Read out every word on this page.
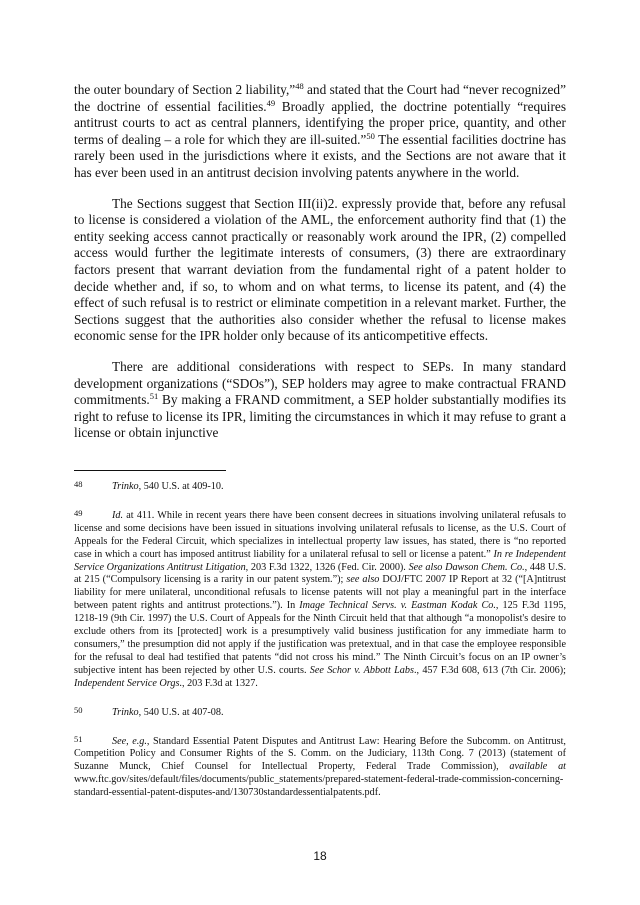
the outer boundary of Section 2 liability,”$^{48}$ and stated that the Court had “never recognized” the doctrine of essential facilities.$^{49}$ Broadly applied, the doctrine potentially “requires antitrust courts to act as central planners, identifying the proper price, quantity, and other terms of dealing – a role for which they are ill-suited.”$^{50}$ The essential facilities doctrine has rarely been used in the jurisdictions where it exists, and the Sections are not aware that it has ever been used in an antitrust decision involving patents anywhere in the world.

The Sections suggest that Section III(ii)2. expressly provide that, before any refusal to license is considered a violation of the AML, the enforcement authority find that (1) the entity seeking access cannot practically or reasonably work around the IPR, (2) compelled access would further the legitimate interests of consumers, (3) there are extraordinary factors present that warrant deviation from the fundamental right of a patent holder to decide whether and, if so, to whom and on what terms, to license its patent, and (4) the effect of such refusal is to restrict or eliminate competition in a relevant market. Further, the Sections suggest that the authorities also consider whether the refusal to license makes economic sense for the IPR holder only because of its anticompetitive effects.

There are additional considerations with respect to SEPs. In many standard development organizations (“SDOs”), SEP holders may agree to make contractual FRAND commitments.$^{51}$ By making a FRAND commitment, a SEP holder substantially modifies its right to refuse to license its IPR, limiting the circumstances in which it may refuse to grant a license or obtain injunctive

48	Trinko, 540 U.S. at 409-10.
49	Id. at 411. While in recent years there have been consent decrees in situations involving unilateral refusals to license and some decisions have been issued in situations involving unilateral refusals to license, as the U.S. Court of Appeals for the Federal Circuit, which specializes in intellectual property law issues, has stated, there is “no reported case in which a court has imposed antitrust liability for a unilateral refusal to sell or license a patent.” In re Independent Service Organizations Antitrust Litigation, 203 F.3d 1322, 1326 (Fed. Cir. 2000). See also Dawson Chem. Co., 448 U.S. at 215 (“Compulsory licensing is a rarity in our patent system.”); see also DOJ/FTC 2007 IP Report at 32 (“[A]ntitrust liability for mere unilateral, unconditional refusals to license patents will not play a meaningful part in the interface between patent rights and antitrust protections.”). In Image Technical Servs. v. Eastman Kodak Co., 125 F.3d 1195, 1218-19 (9th Cir. 1997) the U.S. Court of Appeals for the Ninth Circuit held that that although “a monopolist's desire to exclude others from its [protected] work is a presumptively valid business justification for any immediate harm to consumers,” the presumption did not apply if the justification was pretextual, and in that case the employee responsible for the refusal to deal had testified that patents “did not cross his mind.” The Ninth Circuit’s focus on an IP owner’s subjective intent has been rejected by other U.S. courts. See Schor v. Abbott Labs., 457 F.3d 608, 613 (7th Cir. 2006); Independent Service Orgs., 203 F.3d at 1327.
50	Trinko, 540 U.S. at 407-08.
51	See, e.g., Standard Essential Patent Disputes and Antitrust Law: Hearing Before the Subcomm. on Antitrust, Competition Policy and Consumer Rights of the S. Comm. on the Judiciary, 113th Cong. 7 (2013) (statement of Suzanne Munck, Chief Counsel for Intellectual Property, Federal Trade Commission), available at www.ftc.gov/sites/default/files/documents/public_statements/prepared-statement-federal-trade-commission-concerning-standard-essential-patent-disputes-and/130730standardessentialpatents.pdf.
18
